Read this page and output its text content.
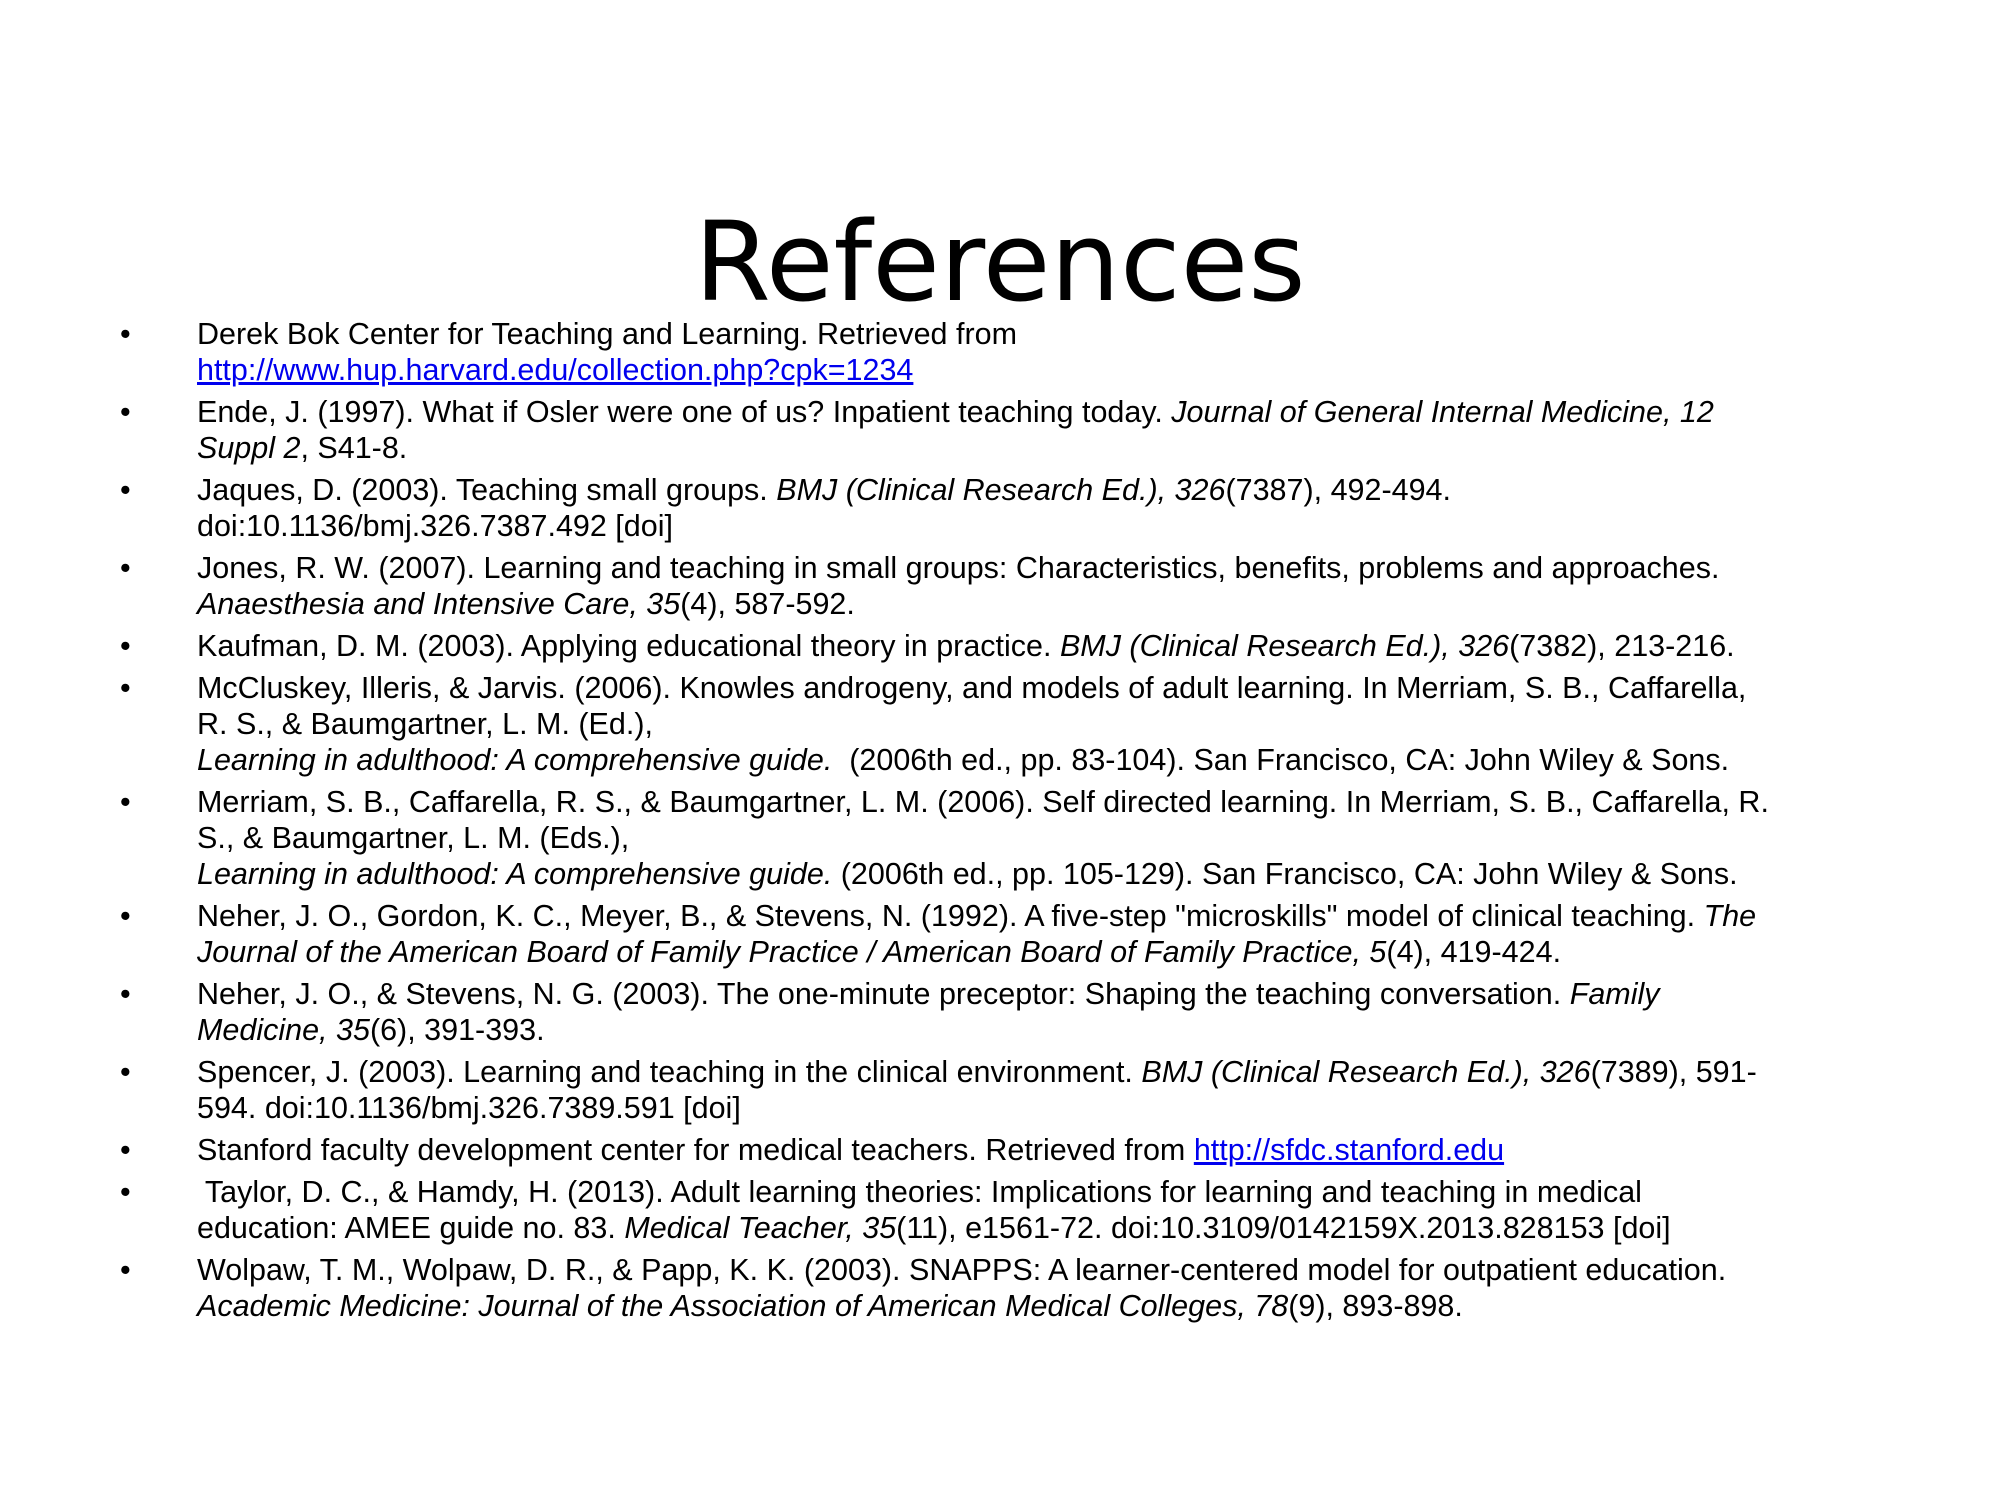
References
• Derek Bok Center for Teaching and Learning. Retrieved from
http://www.hup.harvard.edu/collection.php?cpk=1234
• Ende, J. (1997). What if Osler were one of us? Inpatient teaching today. Journal of General Internal Medicine, 12
Suppl 2, S41-8.
• Jaques, D. (2003). Teaching small groups. BMJ (Clinical Research Ed.), 326(7387), 492-494.
doi:10.1136/bmj.326.7387.492 [doi]
• Jones, R. W. (2007). Learning and teaching in small groups: Characteristics, benefits, problems and approaches.
Anaesthesia and Intensive Care, 35(4), 587-592.
• Kaufman, D. M. (2003). Applying educational theory in practice. BMJ (Clinical Research Ed.), 326(7382), 213-216.
• McCluskey, Illeris, & Jarvis. (2006). Knowles androgeny, and models of adult learning. In Merriam, S. B., Caffarella,
R. S., & Baumgartner, L. M. (Ed.),
Learning in adulthood: A comprehensive guide.  (2006th ed., pp. 83-104). San Francisco, CA: John Wiley & Sons.
• Merriam, S. B., Caffarella, R. S., & Baumgartner, L. M. (2006). Self directed learning. In Merriam, S. B., Caffarella, R.
S., & Baumgartner, L. M. (Eds.),
Learning in adulthood: A comprehensive guide. (2006th ed., pp. 105-129). San Francisco, CA: John Wiley & Sons.
• Neher, J. O., Gordon, K. C., Meyer, B., & Stevens, N. (1992). A five-step "microskills" model of clinical teaching. The
Journal of the American Board of Family Practice / American Board of Family Practice, 5(4), 419-424.
• Neher, J. O., & Stevens, N. G. (2003). The one-minute preceptor: Shaping the teaching conversation. Family
Medicine, 35(6), 391-393.
• Spencer, J. (2003). Learning and teaching in the clinical environment. BMJ (Clinical Research Ed.), 326(7389), 591-
594. doi:10.1136/bmj.326.7389.591 [doi]
• Stanford faculty development center for medical teachers. Retrieved from http://sfdc.stanford.edu
•  Taylor, D. C., & Hamdy, H. (2013). Adult learning theories: Implications for learning and teaching in medical
education: AMEE guide no. 83. Medical Teacher, 35(11), e1561-72. doi:10.3109/0142159X.2013.828153 [doi]
• Wolpaw, T. M., Wolpaw, D. R., & Papp, K. K. (2003). SNAPPS: A learner-centered model for outpatient education.
Academic Medicine: Journal of the Association of American Medical Colleges, 78(9), 893-898.
